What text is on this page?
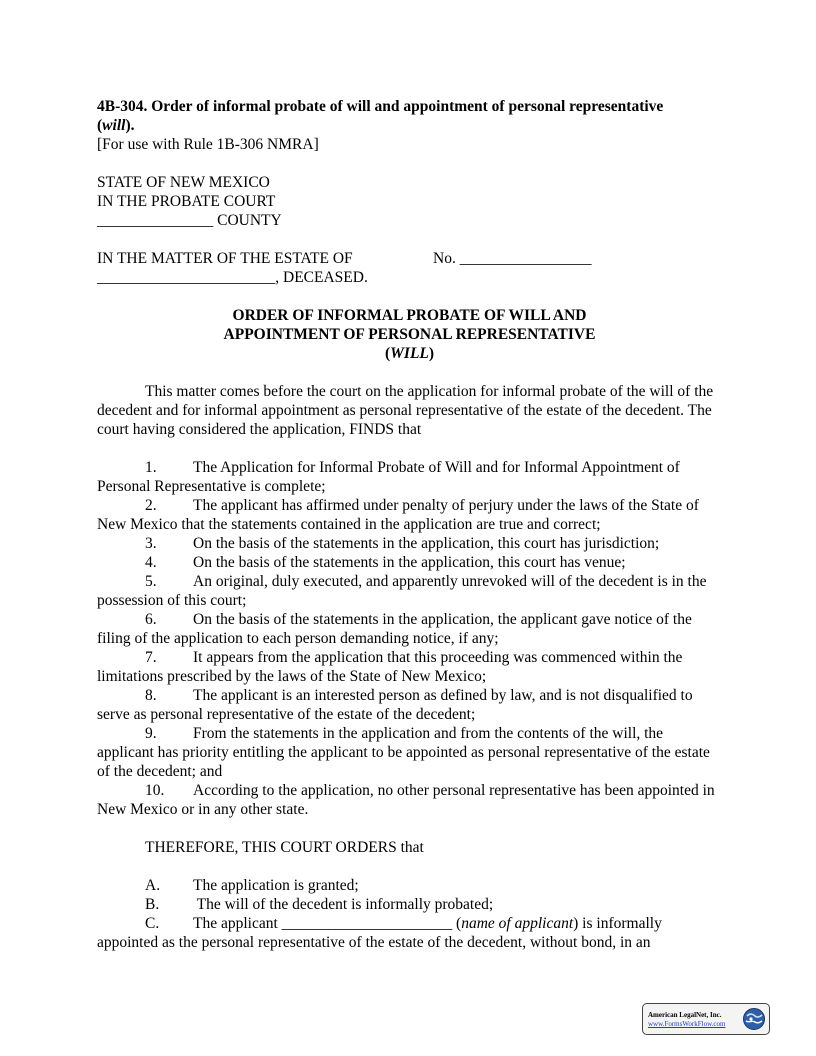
4B-304. Order of informal probate of will and appointment of personal representative
(will).
[For use with Rule 1B-306 NMRA]
STATE OF NEW MEXICO
IN THE PROBATE COURT
_______________ COUNTY
IN THE MATTER OF THE ESTATE OF	No. _________________
_______________________, DECEASED.
ORDER OF INFORMAL PROBATE OF WILL AND
APPOINTMENT OF PERSONAL REPRESENTATIVE
(WILL)

This matter comes before the court on the application for informal probate of the will of the decedent and for informal appointment as personal representative of the estate of the decedent. The court having considered the application, FINDS that

1. The Application for Informal Probate of Will and for Informal Appointment of Personal Representative is complete;

2. The applicant has affirmed under penalty of perjury under the laws of the State of New Mexico that the statements contained in the application are true and correct;

3. On the basis of the statements in the application, this court has jurisdiction;

4. On the basis of the statements in the application, this court has venue;

5. An original, duly executed, and apparently unrevoked will of the decedent is in the possession of this court;

6. On the basis of the statements in the application, the applicant gave notice of the filing of the application to each person demanding notice, if any;

7. It appears from the application that this proceeding was commenced within the limitations prescribed by the laws of the State of New Mexico;

8. The applicant is an interested person as defined by law, and is not disqualified to serve as personal representative of the estate of the decedent;

9. From the statements in the application and from the contents of the will, the applicant has priority entitling the applicant to be appointed as personal representative of the estate of the decedent; and

10. According to the application, no other personal representative has been appointed in New Mexico or in any other state.

THEREFORE, THIS COURT ORDERS that

A. The application is granted;

B. The will of the decedent is informally probated;

C. The applicant ______________________ (name of applicant) is informally appointed as the personal representative of the estate of the decedent, without bond, in an

American LegalNet, Inc.
www.FormsWorkFlow.com
